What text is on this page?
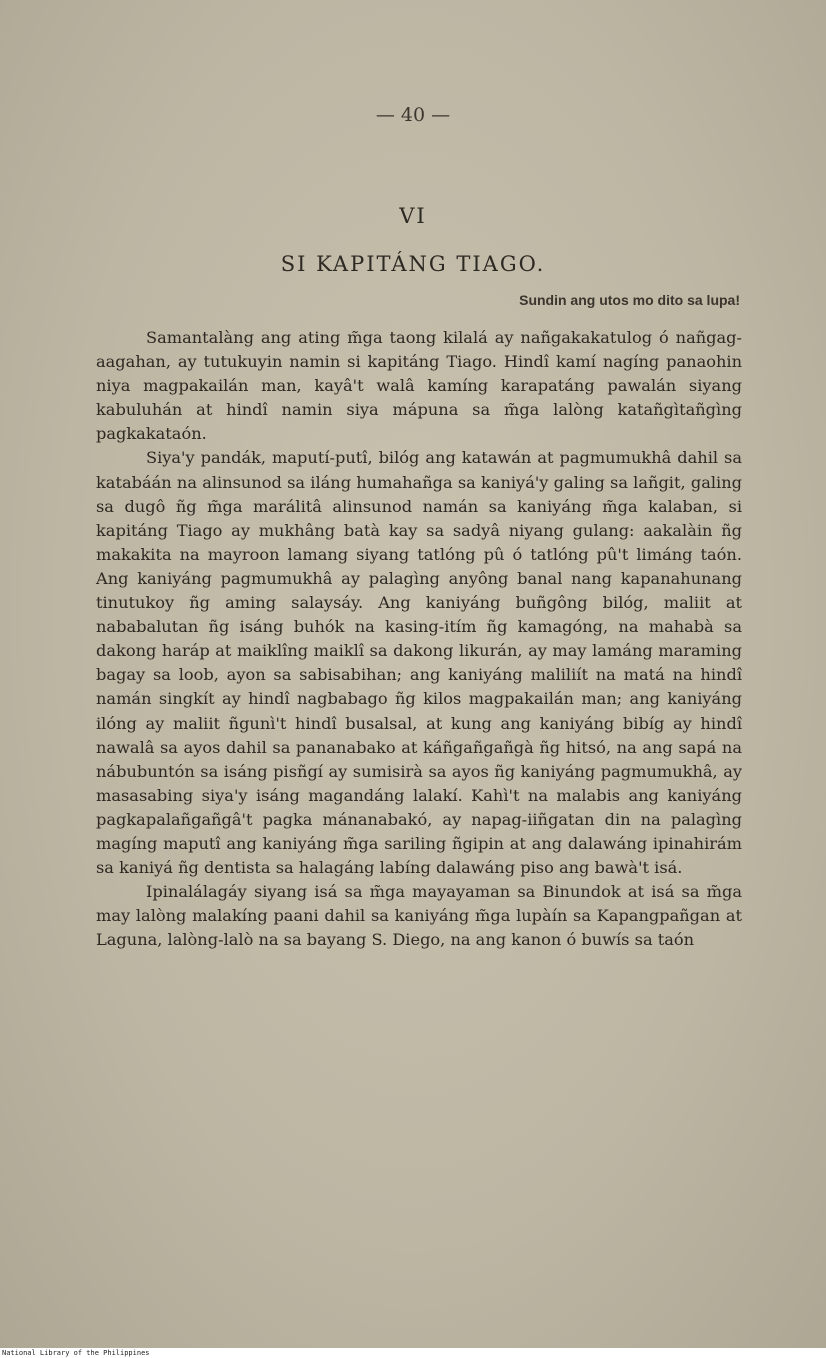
— 40 —
VI
SI KAPITÁNG TIAGO.
Sundin ang utos mo dito sa lupa!

Samantalàng ang ating m̃ga taong kilalá ay nañgakakatulog ó nañgag-aagahan, ay tutukuyin namin si kapitáng Tiago. Hindî kamí nagíng panaohin niya magpakailán man, kayâ't walâ kamíng karapatáng pawalán siyang kabuluhán at hindî namin siya mápuna sa m̃ga lalòng katañgìtañgìng pagkakataón.

Siya'y pandák, maputí-putî, bilóg ang katawán at pagmumukhâ dahil sa katabáán na alinsunod sa iláng humahañga sa kaniyá'y galing sa lañgit, galing sa dugô ñg m̃ga marálitâ alinsunod namán sa kaniyáng m̃ga kalaban, si kapitáng Tiago ay mukhâng batà kay sa sadyâ niyang gulang: aakalàin ñg makakita na mayroon lamang siyang tatlóng pû ó tatlóng pû't limáng taón. Ang kaniyáng pagmumukhâ ay palagìng anyông banal nang kapanahunang tinutukoy ñg aming salaysáy. Ang kaniyáng buñgông bilóg, maliit at nababalutan ñg isáng buhók na kasing-itím ñg kamagóng, na mahabà sa dakong haráp at maiklîng maiklî sa dakong likurán, ay may lamáng maraming bagay sa loob, ayon sa sabisabihan; ang kaniyáng maliliít na matá na hindî namán singkít ay hindî nagbabago ñg kilos magpakailán man; ang kaniyáng ilóng ay maliit ñgunì't hindî busalsal, at kung ang kaniyáng bibíg ay hindî nawalâ sa ayos dahil sa pananabako at káñgañgañgà ñg hitsó, na ang sapá na nábubuntón sa isáng pisñgí ay sumisirà sa ayos ñg kaniyáng pagmumukhâ, ay masasabing siya'y isáng magandáng lalakí. Kahì't na malabis ang kaniyáng pagkapalañgañgâ't pagka mánanabakó, ay napag-iiñgatan din na palagìng magíng maputî ang kaniyáng m̃ga sariling ñgipin at ang dalawáng ipinahirám sa kaniyá ñg dentista sa halagáng labíng dalawáng piso ang bawà't isá.

Ipinalálagáy siyang isá sa m̃ga mayayaman sa Binundok at isá sa m̃ga may lalòng malakíng paani dahil sa kaniyáng m̃ga lupàín sa Kapangpañgan at Laguna, lalòng-lalò na sa bayang S. Diego, na ang kanon ó buwís sa taón

National Library of the Philippines
